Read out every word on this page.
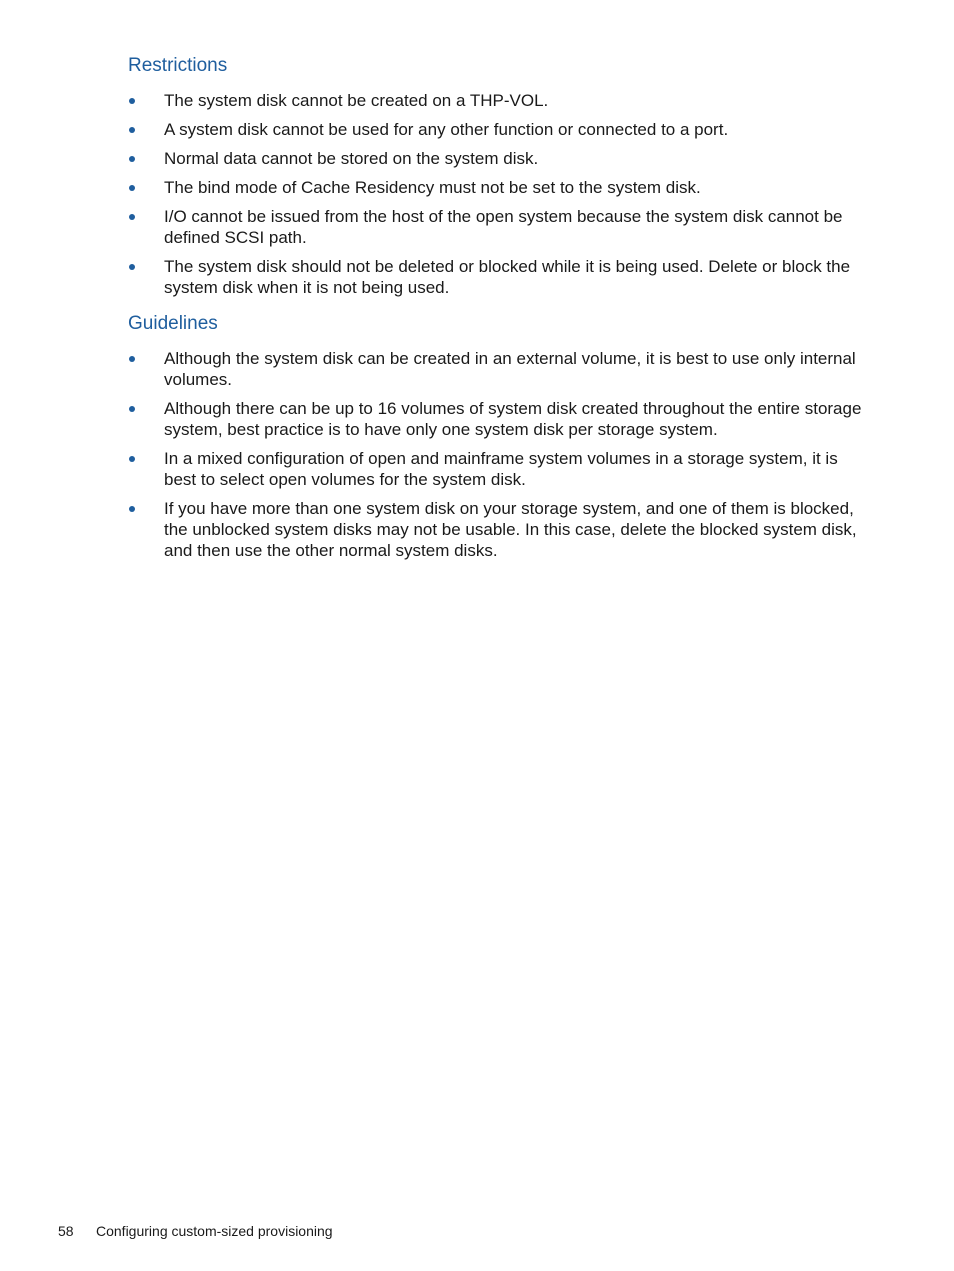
Restrictions
The system disk cannot be created on a THP-VOL.
A system disk cannot be used for any other function or connected to a port.
Normal data cannot be stored on the system disk.
The bind mode of Cache Residency must not be set to the system disk.
I/O cannot be issued from the host of the open system because the system disk cannot be defined SCSI path.
The system disk should not be deleted or blocked while it is being used. Delete or block the system disk when it is not being used.
Guidelines
Although the system disk can be created in an external volume, it is best to use only internal volumes.
Although there can be up to 16 volumes of system disk created throughout the entire storage system, best practice is to have only one system disk per storage system.
In a mixed configuration of open and mainframe system volumes in a storage system, it is best to select open volumes for the system disk.
If you have more than one system disk on your storage system, and one of them is blocked, the unblocked system disks may not be usable. In this case, delete the blocked system disk, and then use the other normal system disks.
58 Configuring custom-sized provisioning
